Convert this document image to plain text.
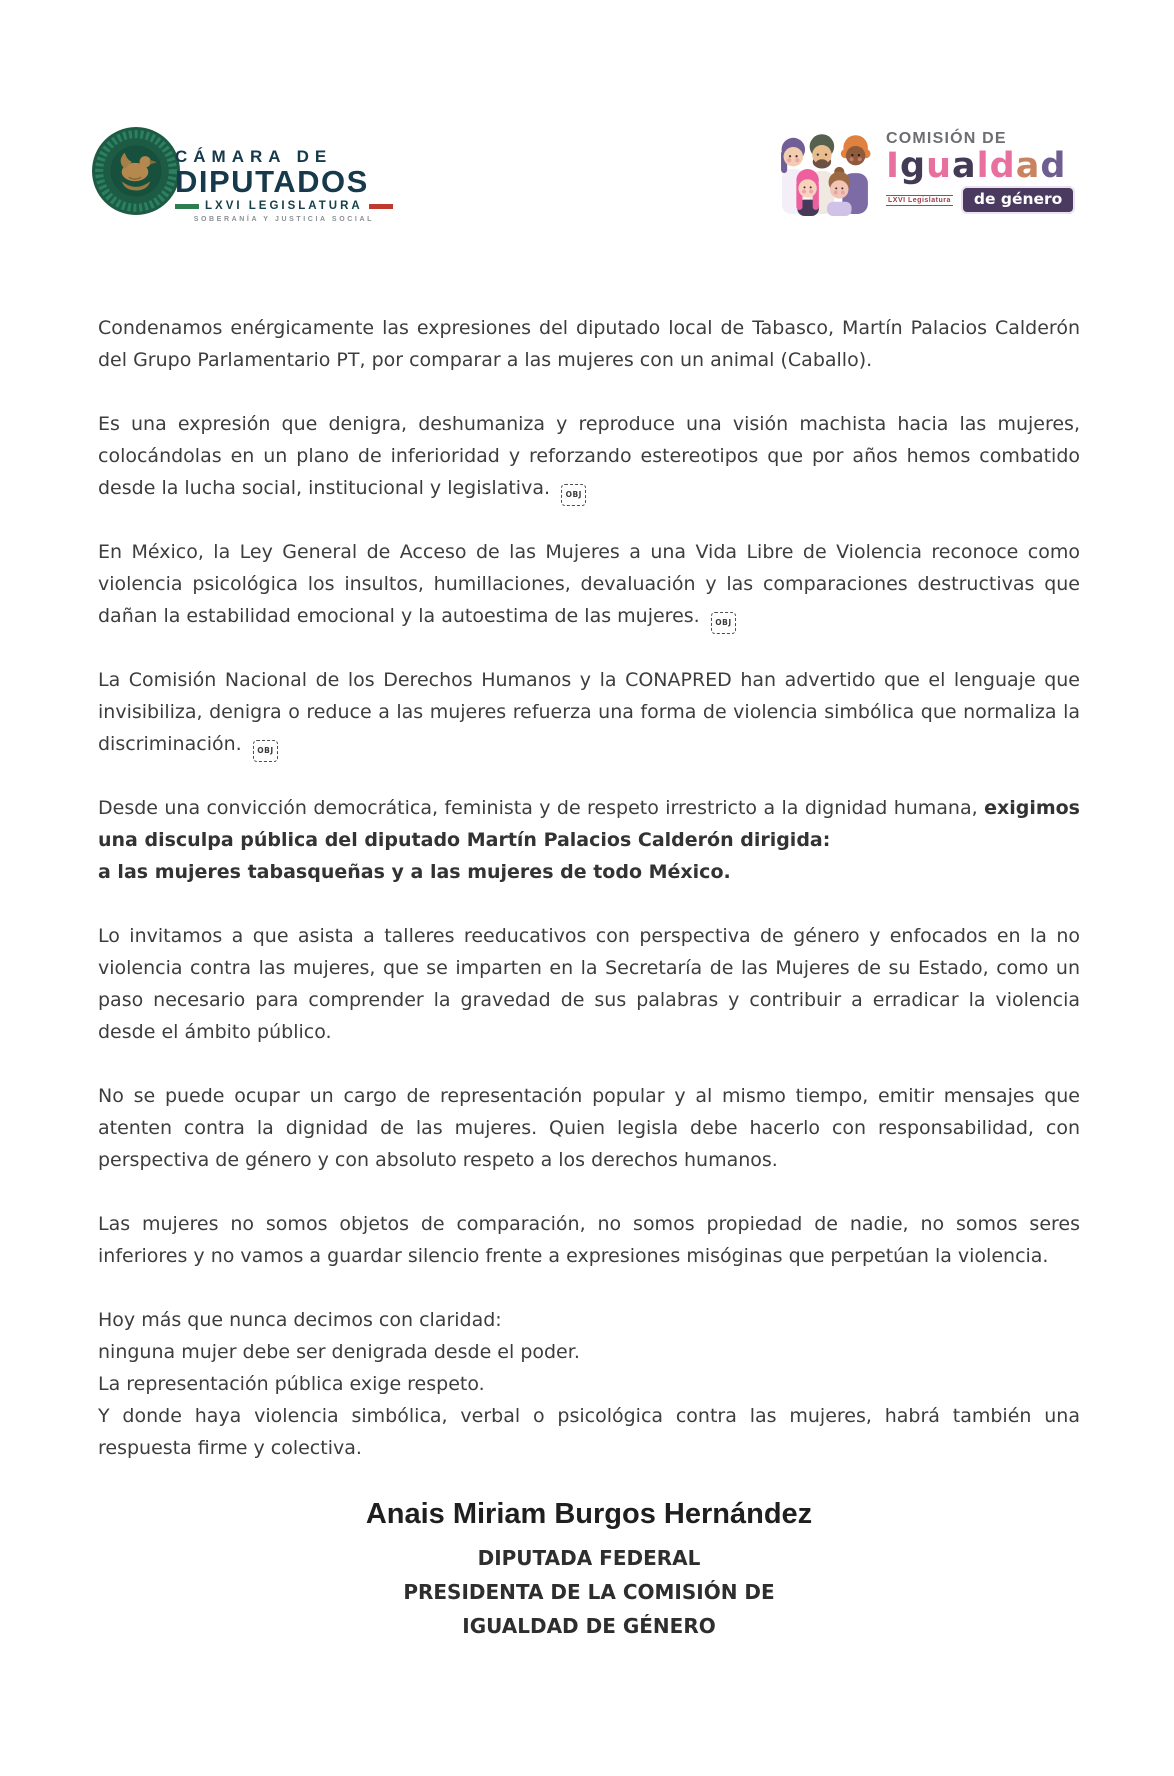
CÁMARA DE
DIPUTADOS
LXVI LEGISLATURA
SOBERANÍA Y JUSTICIA SOCIAL
COMISIÓN DE
Igualdad
LXVI Legislatura	de género

Condenamos enérgicamente las expresiones del diputado local de Tabasco, Martín Palacios Calderón del Grupo Parlamentario PT, por comparar a las mujeres con un animal (Caballo).

Es una expresión que denigra, deshumaniza y reproduce una visión machista hacia las mujeres, colocándolas en un plano de inferioridad y reforzando estereotipos que por años hemos combatido desde la lucha social, institucional y legislativa. OBJ

En México, la Ley General de Acceso de las Mujeres a una Vida Libre de Violencia reconoce como violencia psicológica los insultos, humillaciones, devaluación y las comparaciones destructivas que dañan la estabilidad emocional y la autoestima de las mujeres. OBJ

La Comisión Nacional de los Derechos Humanos y la CONAPRED han advertido que el lenguaje que invisibiliza, denigra o reduce a las mujeres refuerza una forma de violencia simbólica que normaliza la discriminación. OBJ

Desde una convicción democrática, feminista y de respeto irrestricto a la dignidad humana, exigimos una disculpa pública del diputado Martín Palacios Calderón dirigida:
a las mujeres tabasqueñas y a las mujeres de todo México.

Lo invitamos a que asista a talleres reeducativos con perspectiva de género y enfocados en la no violencia contra las mujeres, que se imparten en la Secretaría de las Mujeres de su Estado, como un paso necesario para comprender la gravedad de sus palabras y contribuir a erradicar la violencia desde el ámbito público.

No se puede ocupar un cargo de representación popular y al mismo tiempo, emitir mensajes que atenten contra la dignidad de las mujeres. Quien legisla debe hacerlo con responsabilidad, con perspectiva de género y con absoluto respeto a los derechos humanos.

Las mujeres no somos objetos de comparación, no somos propiedad de nadie, no somos seres inferiores y no vamos a guardar silencio frente a expresiones misóginas que perpetúan la violencia.

Hoy más que nunca decimos con claridad:
ninguna mujer debe ser denigrada desde el poder.
La representación pública exige respeto.
Y donde haya violencia simbólica, verbal o psicológica contra las mujeres, habrá también una respuesta firme y colectiva.

Anais Miriam Burgos Hernández
DIPUTADA FEDERAL
PRESIDENTA DE LA COMISIÓN DE
IGUALDAD DE GÉNERO
